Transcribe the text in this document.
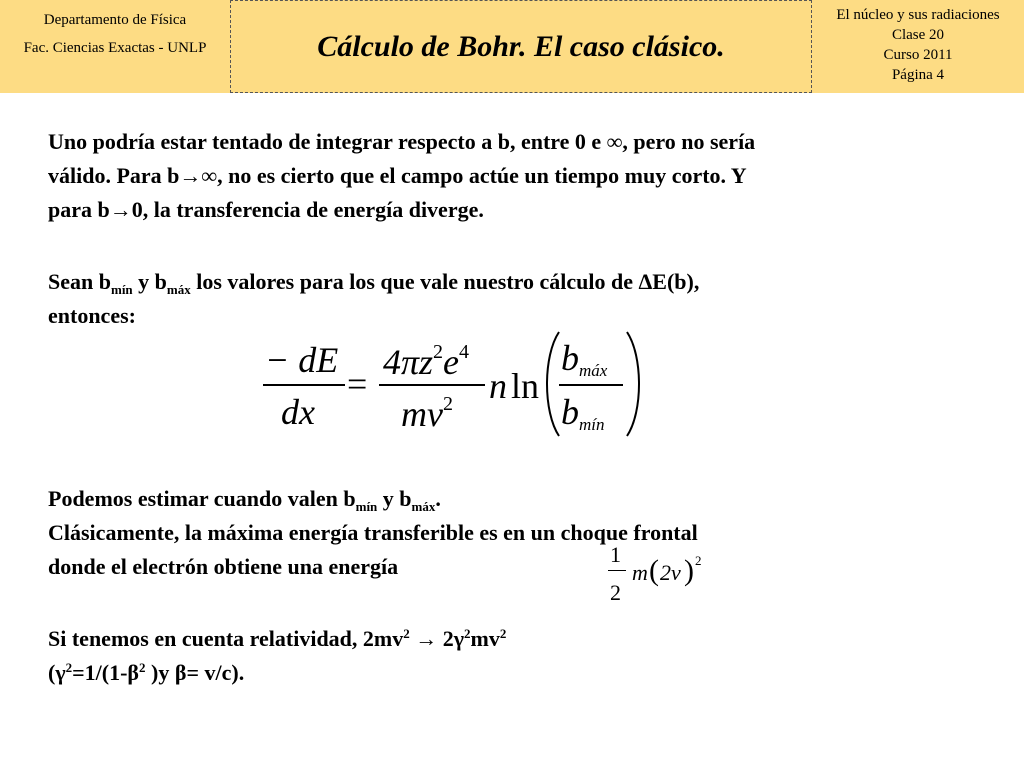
Departamento de Física
Fac. Ciencias Exactas - UNLP	Cálculo de Bohr. El caso clásico.
El núcleo y sus radiaciones
Clase 20
Curso 2011
Página 4
Uno podría estar tentado de integrar respecto a b, entre 0 e ∞, pero no sería
válido. Para b→∞, no es cierto que el campo actúe un tiempo muy corto. Y
para b→0, la transferencia de energía diverge.
Sean $b_{mín}$ y $b_{máx}$ los valores para los que vale nuestro cálculo de ΔE(b),
entonces:
− dE
dx
=
$4\pi z^2e^4$
$mv^2$ n ln
bmáx
bmín
Podemos estimar cuando valen $b_{mín}$ y $b_{máx}$.
Clásicamente, la máxima energía transferible es en un choque frontal
donde el electrón obtiene una energía	1
2
m ( 2v ) 2
Si tenemos en cuenta relatividad, $2mv^2 \to 2\gamma^2mv^2$
($\gamma^2=1/(1-\beta^2$ )y β= v/c).
